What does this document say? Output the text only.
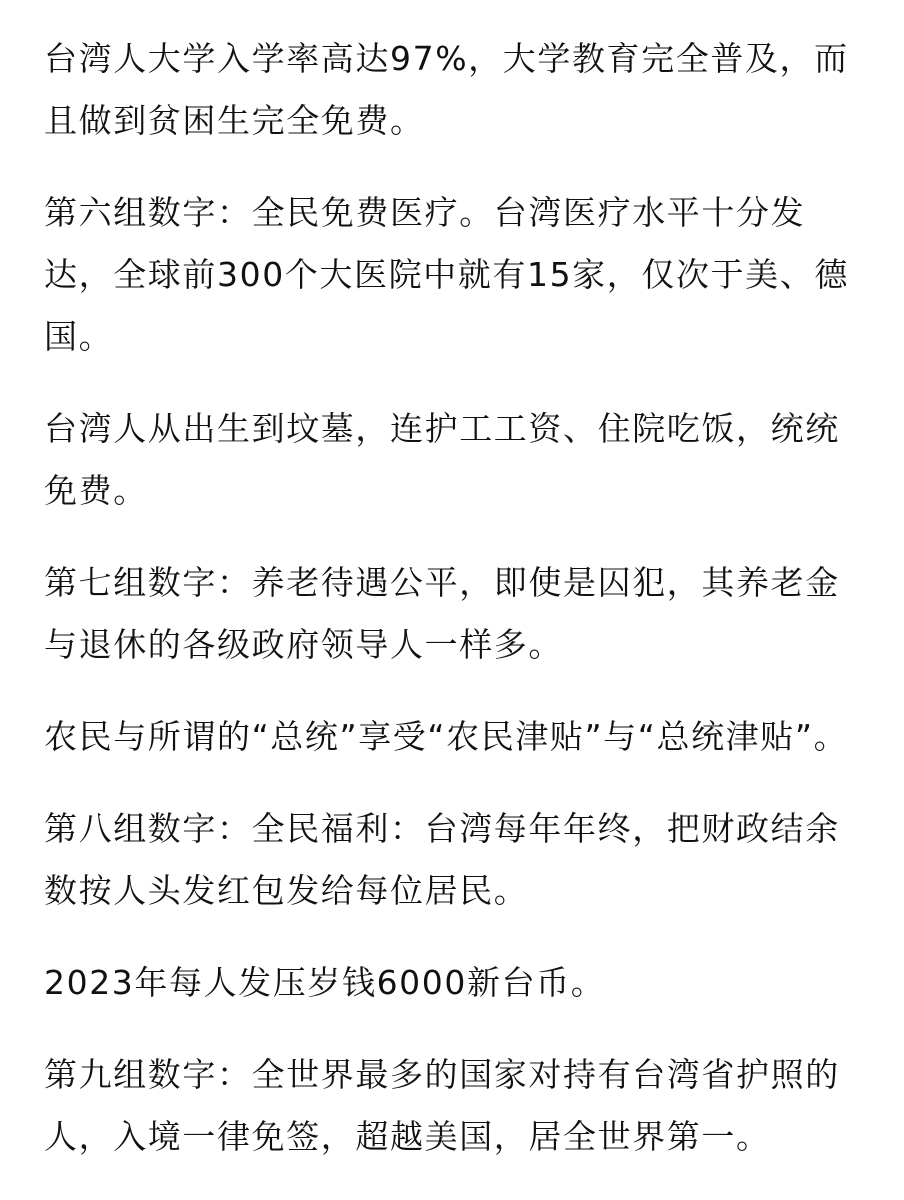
台湾人大学入学率高达97%，大学教育完全普及，而且做到贫困生完全免费。

第六组数字：全民免费医疗。台湾医疗水平十分发达，全球前300个大医院中就有15家，仅次于美、德国。

台湾人从出生到坟墓，连护工工资、住院吃饭，统统免费。

第七组数字：养老待遇公平，即使是囚犯，其养老金与退休的各级政府领导人一样多。

农民与所谓的“总统”享受“农民津贴”与“总统津贴”。

第八组数字：全民福利：台湾每年年终，把财政结余数按人头发红包发给每位居民。

2023年每人发压岁钱6000新台币。

第九组数字：全世界最多的国家对持有台湾省护照的人，入境一律免签，超越美国，居全世界第一。
